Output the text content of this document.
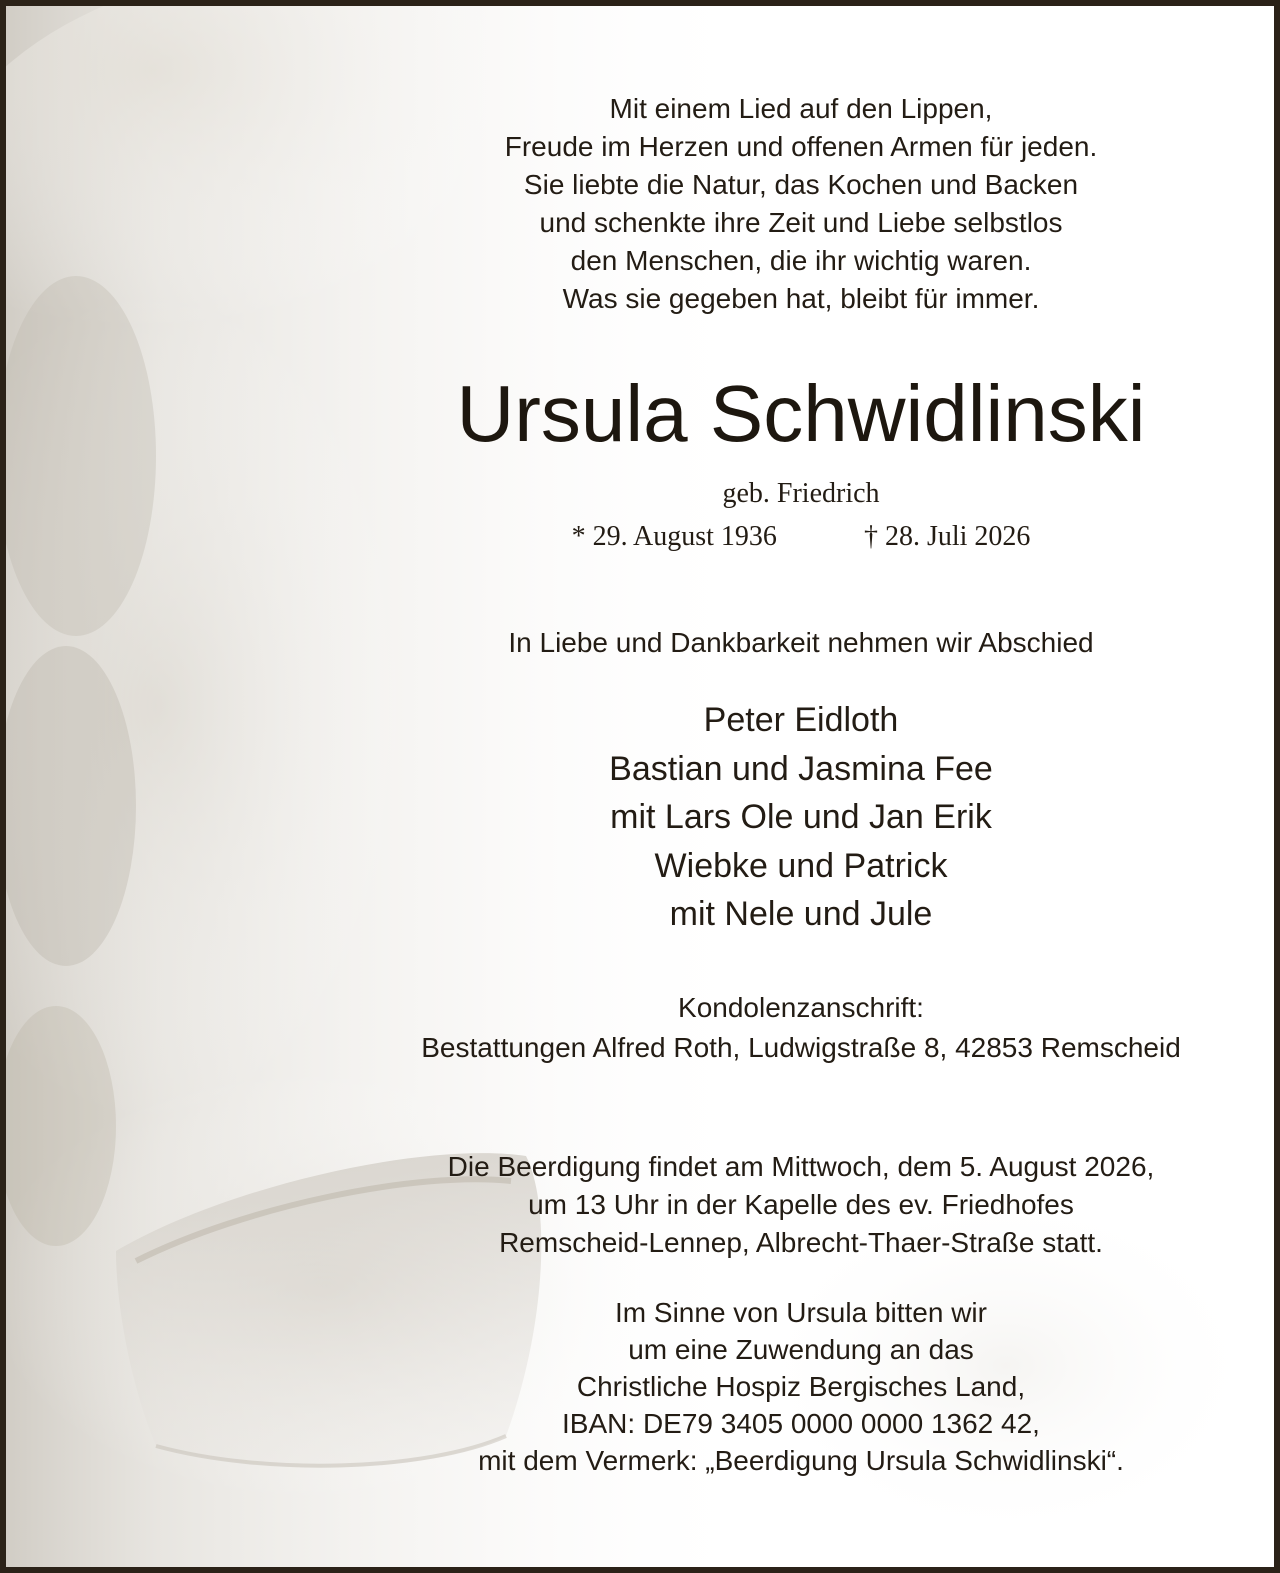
Mit einem Lied auf den Lippen,
Freude im Herzen und offenen Armen für jeden.
Sie liebte die Natur, das Kochen und Backen
und schenkte ihre Zeit und Liebe selbstlos
den Menschen, die ihr wichtig waren.
Was sie gegeben hat, bleibt für immer.
Ursula Schwidlinski
geb. Friedrich
* 29. August 1936	† 28. Juli 2026
In Liebe und Dankbarkeit nehmen wir Abschied
Peter Eidloth
Bastian und Jasmina Fee
mit Lars Ole und Jan Erik
Wiebke und Patrick
mit Nele und Jule
Kondolenzanschrift:
Bestattungen Alfred Roth, Ludwigstraße 8, 42853 Remscheid
Die Beerdigung findet am Mittwoch, dem 5. August 2026,
um 13 Uhr in der Kapelle des ev. Friedhofes
Remscheid-Lennep, Albrecht-Thaer-Straße statt.
Im Sinne von Ursula bitten wir
um eine Zuwendung an das
Christliche Hospiz Bergisches Land,
IBAN: DE79 3405 0000 0000 1362 42,
mit dem Vermerk: „Beerdigung Ursula Schwidlinski“.
